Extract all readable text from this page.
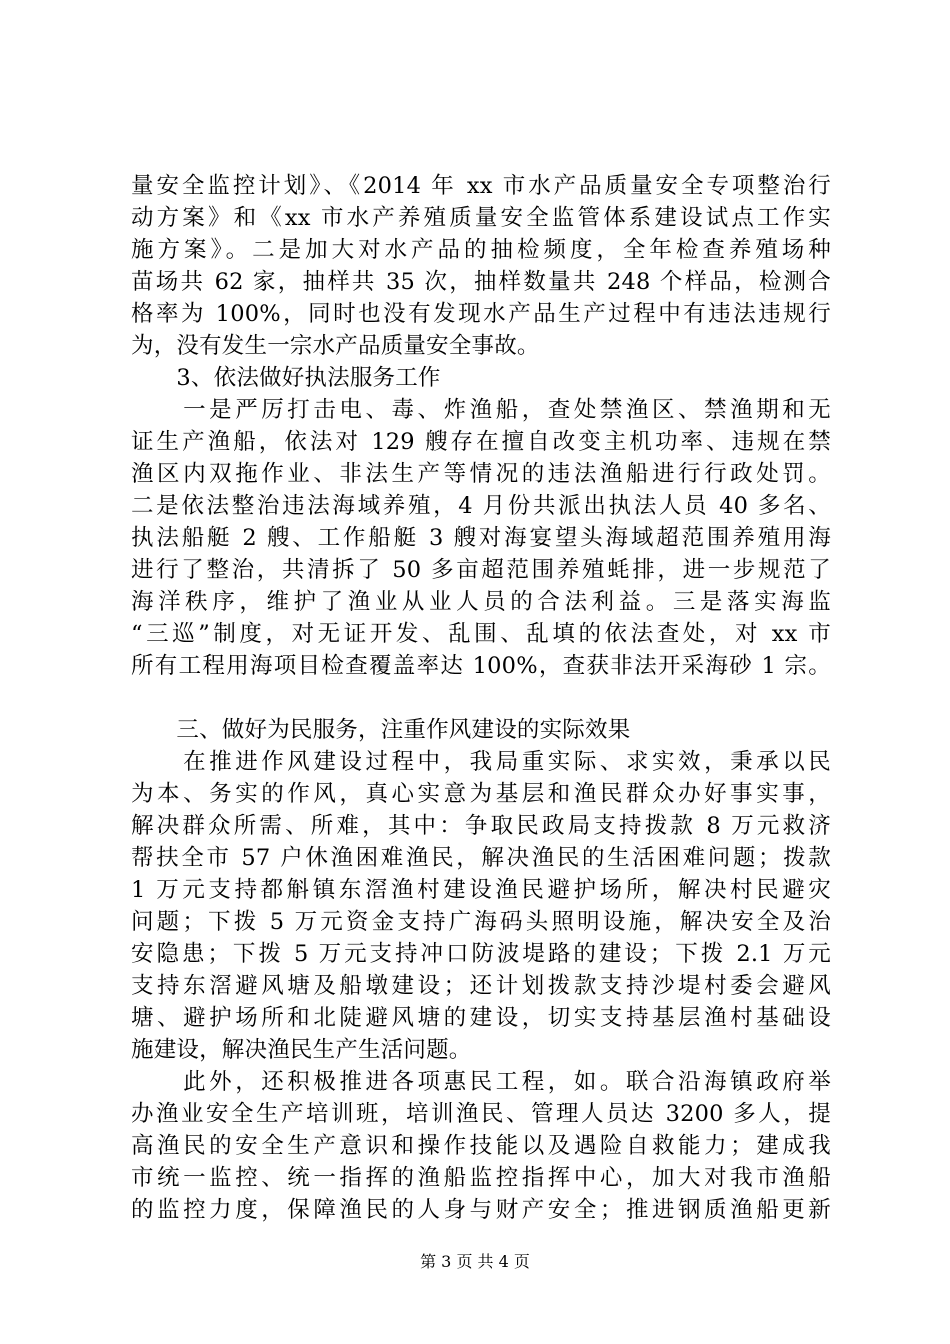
量安全监控计划》、《2014 年 xx 市水产品质量安全专项整治行
动方案》和《xx 市水产养殖质量安全监管体系建设试点工作实
施方案》。二是加大对水产品的抽检频度，全年检查养殖场种
苗场共 62 家，抽样共 35 次，抽样数量共 248 个样品，检测合
格率为 100%，同时也没有发现水产品生产过程中有违法违规行
为，没有发生一宗水产品质量安全事故。
　　3、依法做好执法服务工作
　　一是严厉打击电、毒、炸渔船，查处禁渔区、禁渔期和无
证生产渔船，依法对 129 艘存在擅自改变主机功率、违规在禁
渔区内双拖作业、非法生产等情况的违法渔船进行行政处罚。
二是依法整治违法海域养殖，4 月份共派出执法人员 40 多名、
执法船艇 2 艘、工作船艇 3 艘对海宴望头海域超范围养殖用海
进行了整治，共清拆了 50 多亩超范围养殖蚝排，进一步规范了
海洋秩序，维护了渔业从业人员的合法利益。三是落实海监
“三巡”制度，对无证开发、乱围、乱填的依法查处，对 xx 市
所有工程用海项目检查覆盖率达 100%，查获非法开采海砂 1 宗。
　　三、做好为民服务，注重作风建设的实际效果
　　在推进作风建设过程中，我局重实际、求实效，秉承以民
为本、务实的作风，真心实意为基层和渔民群众办好事实事，
解决群众所需、所难，其中：争取民政局支持拨款 8 万元救济
帮扶全市 57 户休渔困难渔民，解决渔民的生活困难问题；拨款
1 万元支持都斛镇东滘渔村建设渔民避护场所，解决村民避灾
问题；下拨 5 万元资金支持广海码头照明设施，解决安全及治
安隐患；下拨 5 万元支持冲口防波堤路的建设；下拨 2.1 万元
支持东滘避风塘及船墩建设；还计划拨款支持沙堤村委会避风
塘、避护场所和北陡避风塘的建设，切实支持基层渔村基础设
施建设，解决渔民生产生活问题。
　　此外，还积极推进各项惠民工程，如。联合沿海镇政府举
办渔业安全生产培训班，培训渔民、管理人员达 3200 多人，提
高渔民的安全生产意识和操作技能以及遇险自救能力；建成我
市统一监控、统一指挥的渔船监控指挥中心，加大对我市渔船
的监控力度，保障渔民的人身与财产安全；推进钢质渔船更新
第 3 页 共 4 页
